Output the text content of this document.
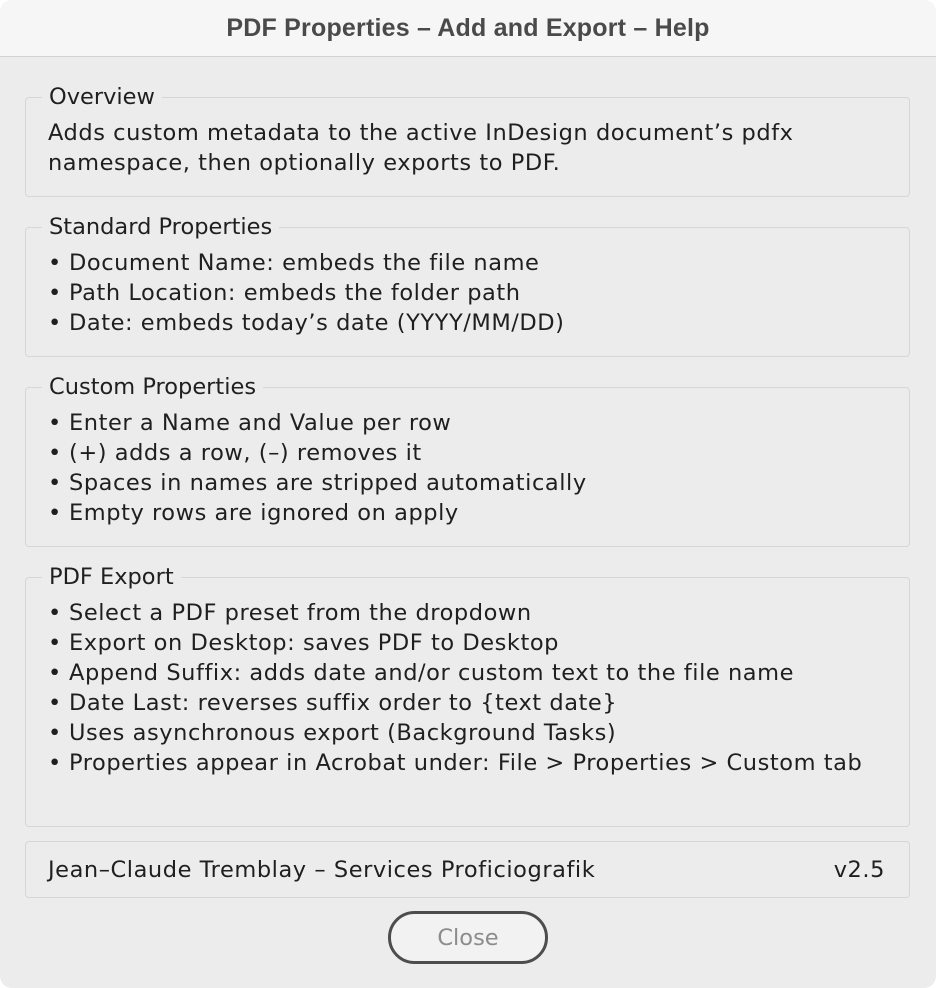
PDF Properties – Add and Export – Help
Overview

Adds custom metadata to the active InDesign document’s pdfx
namespace, then optionally exports to PDF.

Standard Properties
• Document Name: embeds the file name
• Path Location: embeds the folder path
• Date: embeds today’s date (YYYY/MM/DD)
Custom Properties
• Enter a Name and Value per row
• (+) adds a row, (–) removes it
• Spaces in names are stripped automatically
• Empty rows are ignored on apply
PDF Export
• Select a PDF preset from the dropdown
• Export on Desktop: saves PDF to Desktop
• Append Suffix: adds date and/or custom text to the file name
• Date Last: reverses suffix order to {text date}
• Uses asynchronous export (Background Tasks)
• Properties appear in Acrobat under: File > Properties > Custom tab
Jean–Claude Tremblay – Services Proficiografik	v2.5
Close
